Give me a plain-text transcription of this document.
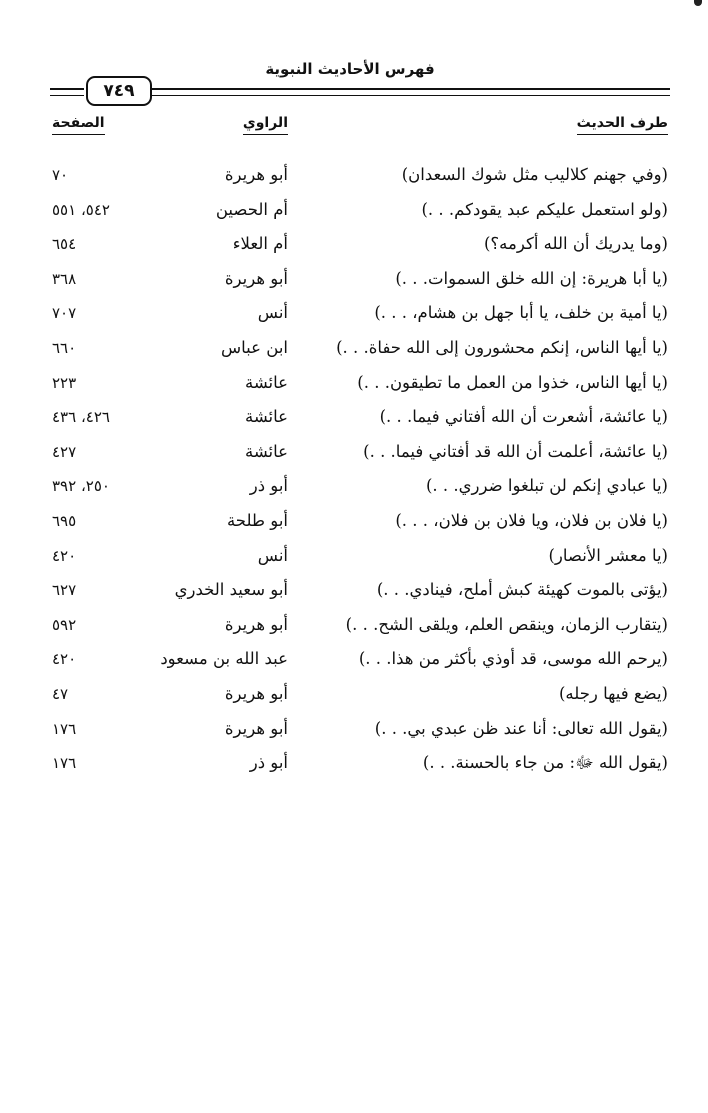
فهرس الأحاديث النبوية
٧٤٩
طرف الحديث
الراوي
الصفحة
(وفي جهنم كلاليب مثل شوك السعدان)
أبو هريرة
٧٠
(ولو استعمل عليكم عبد يقودكم. . .)
أم الحصين
٥٤٢، ٥٥١
(وما يدريك أن الله أكرمه؟)
أم العلاء
٦٥٤
(يا أبا هريرة: إن الله خلق السموات. . .)
أبو هريرة
٣٦٨
(يا أمية بن خلف، يا أبا جهل بن هشام، . . .)
أنس
٧٠٧
(يا أيها الناس، إنكم محشورون إلى الله حفاة. . .)
ابن عباس
٦٦٠
(يا أيها الناس، خذوا من العمل ما تطيقون. . .)
عائشة
٢٢٣
(يا عائشة، أشعرت أن الله أفتاني فيما. . .)
عائشة
٤٢٦، ٤٣٦
(يا عائشة، أعلمت أن الله قد أفتاني فيما. . .)
عائشة
٤٢٧
(يا عبادي إنكم لن تبلغوا ضرري. . .)
أبو ذر
٢٥٠، ٣٩٢
(يا فلان بن فلان، ويا فلان بن فلان، . . .)
أبو طلحة
٦٩٥
(يا معشر الأنصار)
أنس
٤٢٠
(يؤتى بالموت كهيئة كبش أملح، فينادي. . .)
أبو سعيد الخدري
٦٢٧
(يتقارب الزمان، وينقص العلم، ويلقى الشح. . .)
أبو هريرة
٥٩٢
(يرحم الله موسى، قد أوذي بأكثر من هذا. . .)
عبد الله بن مسعود
٤٢٠
(يضع فيها رجله)
أبو هريرة
٤٧
(يقول الله تعالى: أنا عند ظن عبدي بي. . .)
أبو هريرة
١٧٦
(يقول الله ﷻ: من جاء بالحسنة. . .)
أبو ذر
١٧٦
